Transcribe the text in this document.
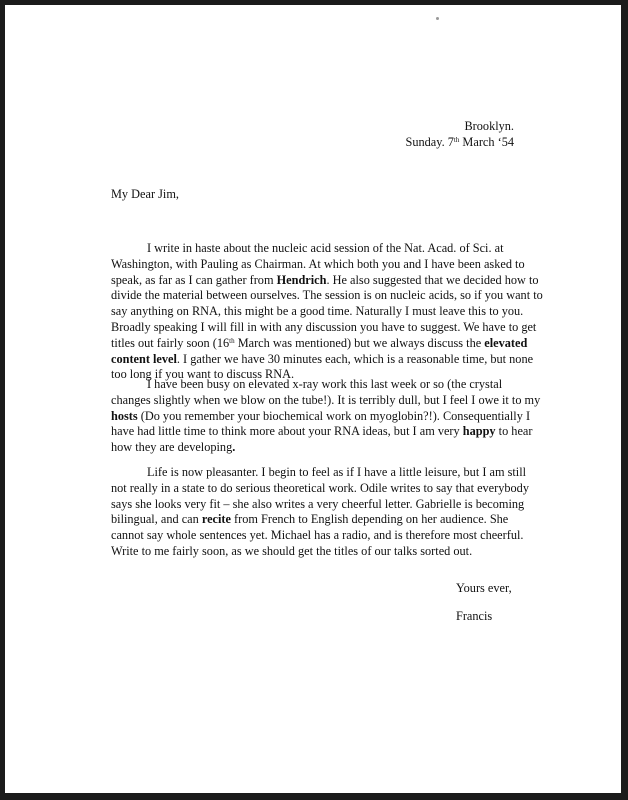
Brooklyn.
Sunday. 7th March ‘54
My Dear Jim,
I write in haste about the nucleic acid session of the Nat. Acad. of Sci. at Washington, with Pauling as Chairman. At which both you and I have been asked to speak, as far as I can gather from Hendrich. He also suggested that we decided how to divide the material between ourselves. The session is on nucleic acids, so if you want to say anything on RNA, this might be a good time. Naturally I must leave this to you. Broadly speaking I will fill in with any discussion you have to suggest. We have to get titles out fairly soon (16th March was mentioned) but we always discuss the elevated content level. I gather we have 30 minutes each, which is a reasonable time, but none too long if you want to discuss RNA.
I have been busy on elevated x-ray work this last week or so (the crystal changes slightly when we blow on the tube!). It is terribly dull, but I feel I owe it to my hosts (Do you remember your biochemical work on myoglobin?!). Consequentially I have had little time to think more about your RNA ideas, but I am very happy to hear how they are developing.
Life is now pleasanter. I begin to feel as if I have a little leisure, but I am still not really in a state to do serious theoretical work. Odile writes to say that everybody says she looks very fit – she also writes a very cheerful letter. Gabrielle is becoming bilingual, and can recite from French to English depending on her audience. She cannot say whole sentences yet. Michael has a radio, and is therefore most cheerful. Write to me fairly soon, as we should get the titles of our talks sorted out.
Yours ever,
Francis
